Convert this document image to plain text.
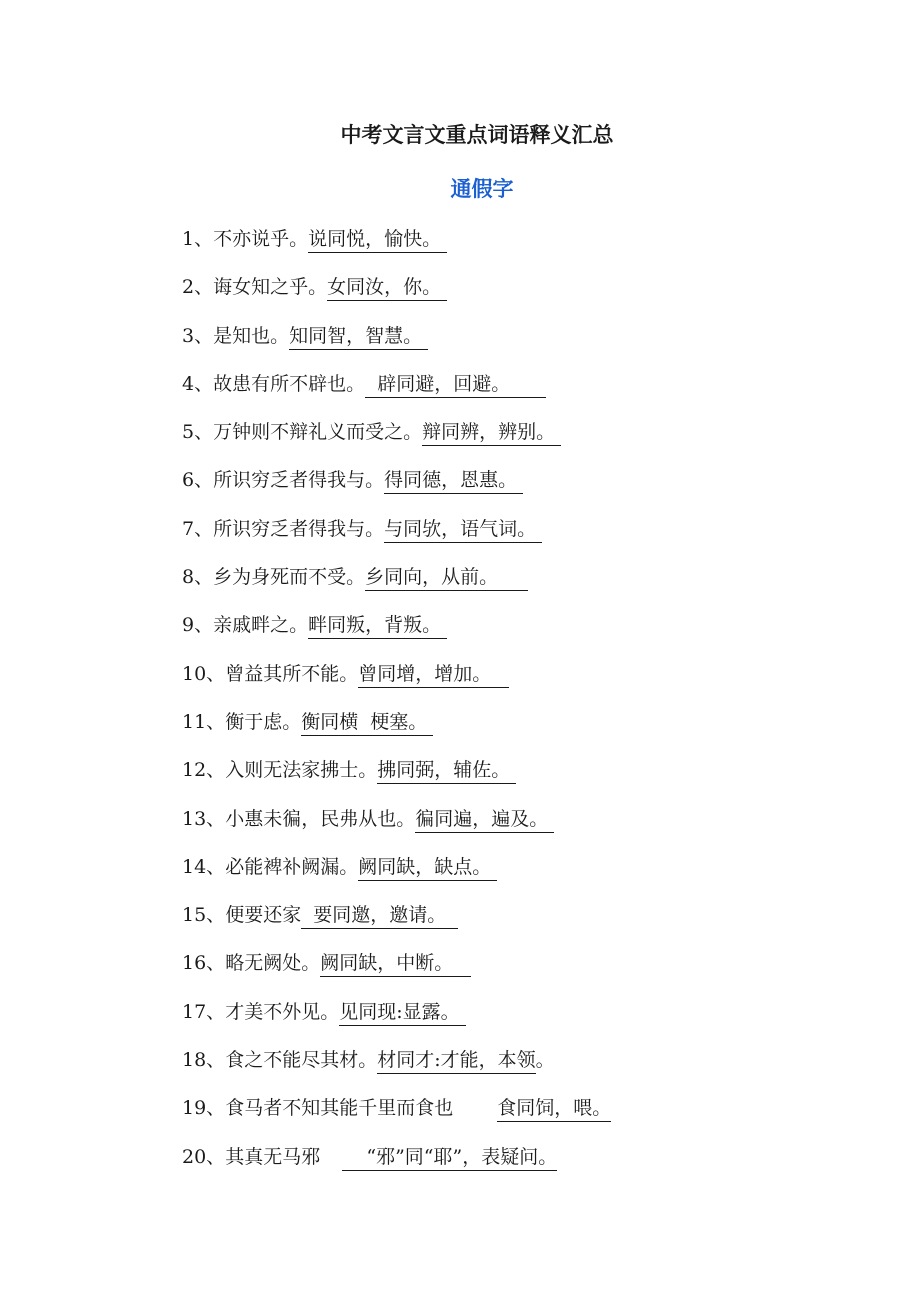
中考文言文重点词语释义汇总
通假字
1、不亦说乎。说同悦，愉快。
2、诲女知之乎。女同汝，你。
3、是知也。知同智，智慧。
4、故患有所不辟也。 辟同避，回避。
5、万钟则不辩礼义而受之。辩同辨，辨别。
6、所识穷乏者得我与。得同德，恩惠。
7、所识穷乏者得我与。与同欤，语气词。
8、乡为身死而不受。乡同向，从前。
9、亲戚畔之。畔同叛，背叛。
10、曾益其所不能。曾同增，增加。
11、衡于虑。衡同横  梗塞。
12、入则无法家拂士。拂同弼，辅佐。
13、小惠未徧，民弗从也。徧同遍，遍及。
14、必能裨补阙漏。阙同缺，缺点。
15、便要还家 要同邀，邀请。
16、略无阙处。阙同缺，中断。
17、才美不外见。见同现:显露。
18、食之不能尽其材。材同才:才能，本领。
19、食马者不知其能千里而食也 食同饲，喂。
20、其真无马邪 “邪”同“耶”，表疑问。
